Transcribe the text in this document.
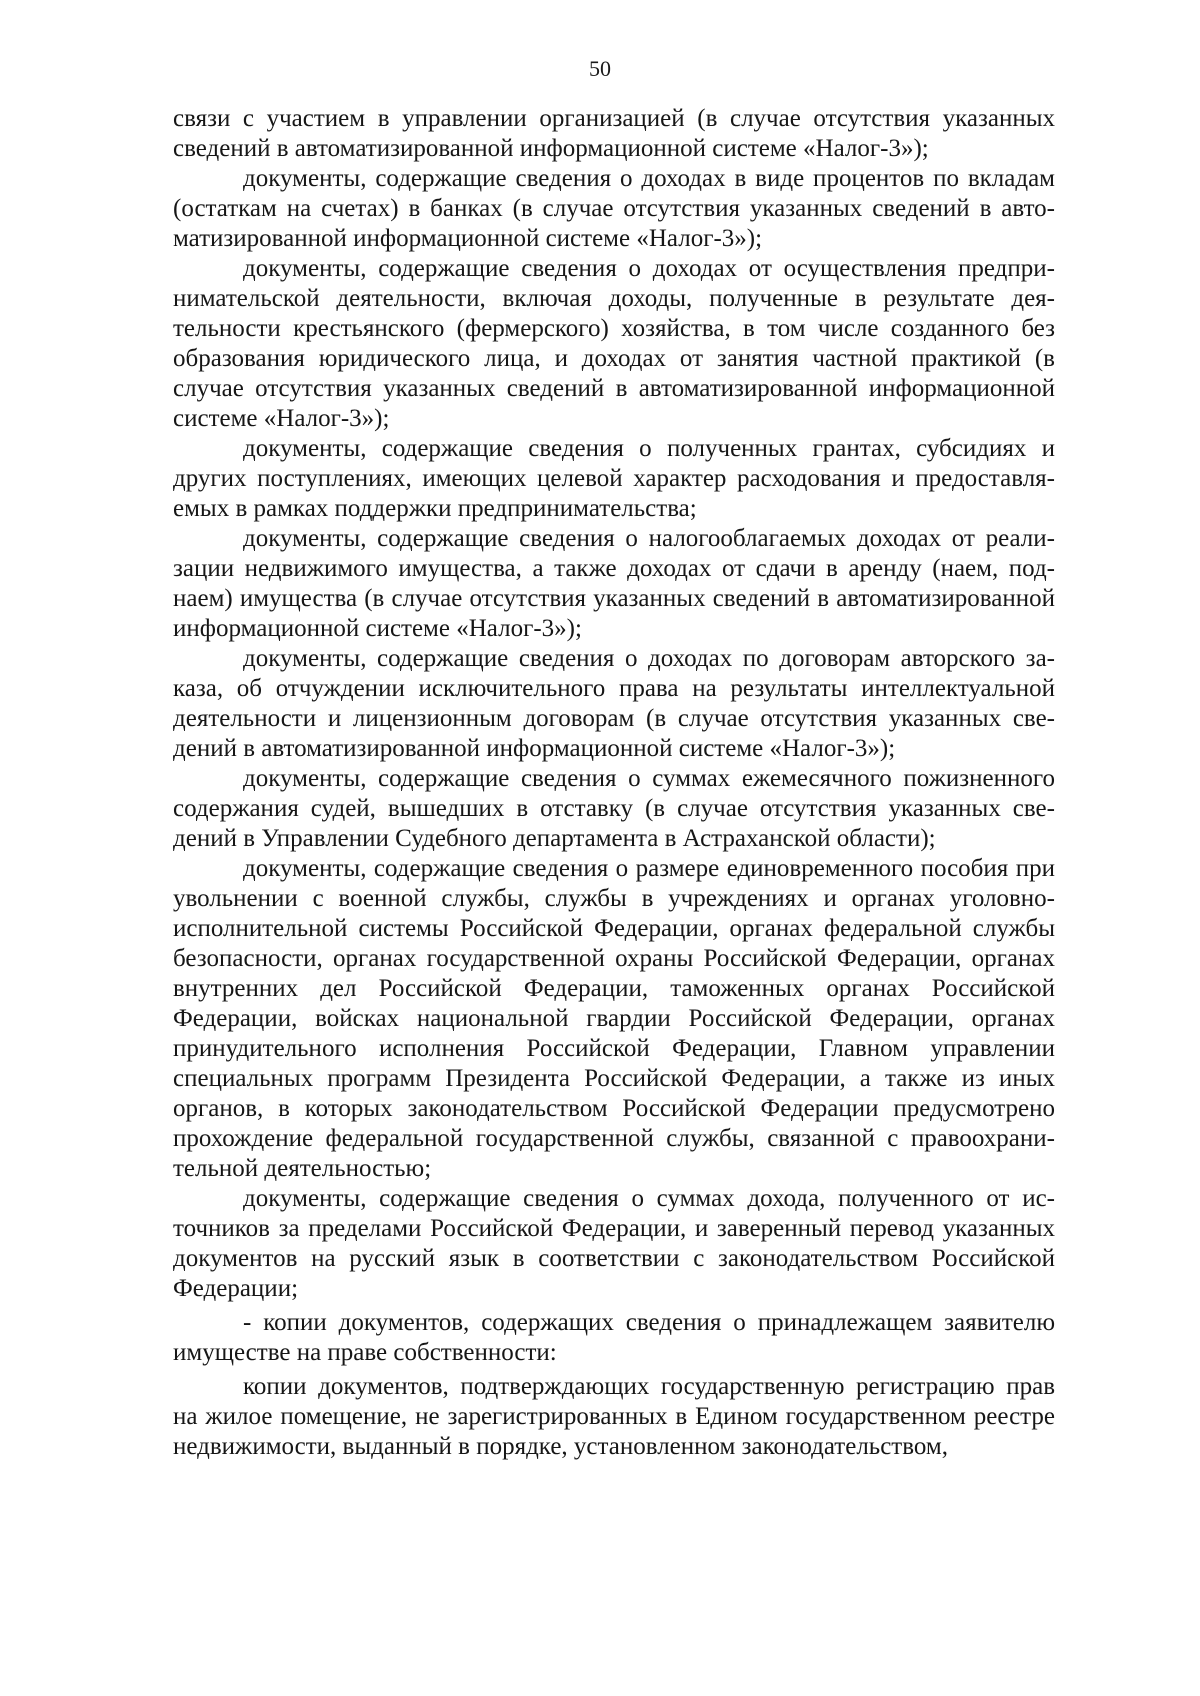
50

связи с участием в управлении организацией (в случае отсутствия указанных сведений в автоматизированной информационной системе «Налог-3»);

документы, содержащие сведения о доходах в виде процентов по вкладам (остаткам на счетах) в банках (в случае отсутствия указанных сведений в автоматизированной информационной системе «Налог-3»);

документы, содержащие сведения о доходах от осуществления предпринимательской деятельности, включая доходы, полученные в результате деятельности крестьянского (фермерского) хозяйства, в том числе созданного без образования юридического лица, и доходах от занятия частной практикой (в случае отсутствия указанных сведений в автоматизированной информационной системе «Налог-3»);

документы, содержащие сведения о полученных грантах, субсидиях и других поступлениях, имеющих целевой характер расходования и предоставляемых в рамках поддержки предпринимательства;

документы, содержащие сведения о налогооблагаемых доходах от реализации недвижимого имущества, а также доходах от сдачи в аренду (наем, поднаем) имущества (в случае отсутствия указанных сведений в автоматизированной информационной системе «Налог-3»);

документы, содержащие сведения о доходах по договорам авторского заказа, об отчуждении исключительного права на результаты интеллектуальной деятельности и лицензионным договорам (в случае отсутствия указанных сведений в автоматизированной информационной системе «Налог-3»);

документы, содержащие сведения о суммах ежемесячного пожизненного содержания судей, вышедших в отставку (в случае отсутствия указанных сведений в Управлении Судебного департамента в Астраханской области);

документы, содержащие сведения о размере единовременного пособия при увольнении с военной службы, службы в учреждениях и органах уголовно-исполнительной системы Российской Федерации, органах федеральной службы безопасности, органах государственной охраны Российской Федерации, органах внутренних дел Российской Федерации, таможенных органах Российской Федерации, войсках национальной гвардии Российской Федерации, органах принудительного исполнения Российской Федерации, Главном управлении специальных программ Президента Российской Федерации, а также из иных органов, в которых законодательством Российской Федерации предусмотрено прохождение федеральной государственной службы, связанной с правоохранительной деятельностью;

документы, содержащие сведения о суммах дохода, полученного от источников за пределами Российской Федерации, и заверенный перевод указанных документов на русский язык в соответствии с законодательством Российской Федерации;

- копии документов, содержащих сведения о принадлежащем заявителю имуществе на праве собственности:

копии документов, подтверждающих государственную регистрацию прав на жилое помещение, не зарегистрированных в Едином государственном реестре недвижимости, выданный в порядке, установленном законодательством,
